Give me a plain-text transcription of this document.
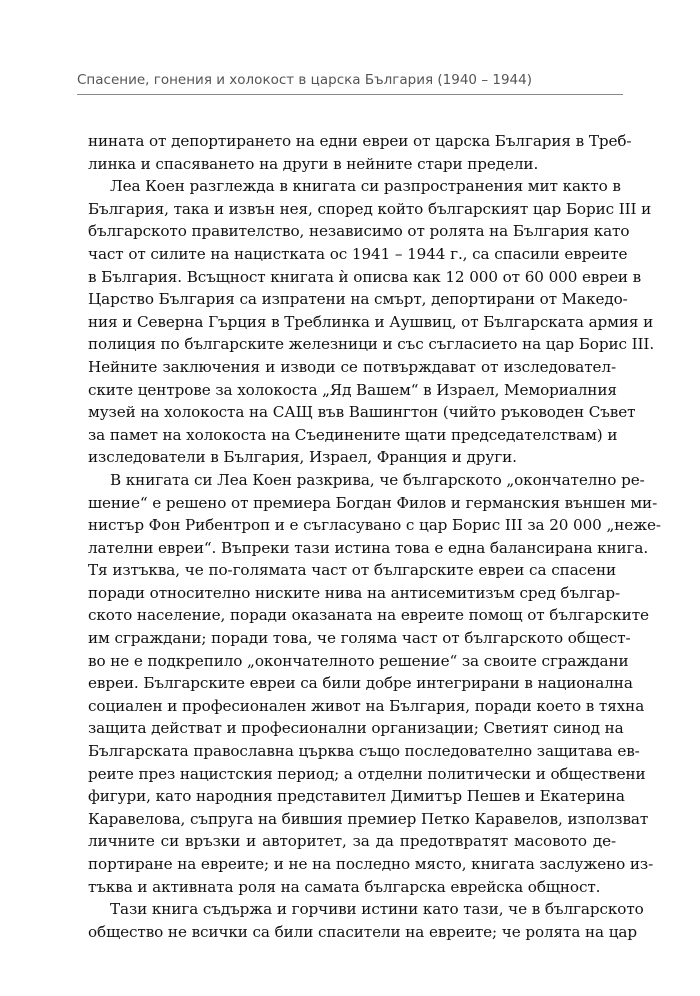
Спасение, гонения и холокост в царска България (1940 – 1944)
нината от депортирането на едни евреи от царска България в Треб-
линка и спасяването на други в нейните стари предели.
Леа Коен разглежда в книгата си разпространения мит както в
България, така и извън нея, според който българският цар Борис III и
българското правителство, независимо от ролята на България като
част от силите на нацистката ос 1941 – 1944 г., са спасили евреите
в България. Всъщност книгата ѝ описва как 12 000 от 60 000 евреи в
Царство България са изпратени на смърт, депортирани от Македо-
ния и Северна Гърция в Треблинка и Аушвиц, от Българската армия и
полиция по българските железници и със съгласието на цар Борис III.
Нейните заключения и изводи се потвърждават от изследовател-
ските центрове за холокоста „Яд Вашем“ в Израел, Мемориалния
музей на холокоста на САЩ във Вашингтон (чийто ръководен Съвет
за памет на холокоста на Съединените щати председателствам) и
изследователи в България, Израел, Франция и други.
В книгата си Леа Коен разкрива, че българското „окончателно ре-
шение“ е решено от премиера Богдан Филов и германския външен ми-
нистър Фон Рибентроп и е съгласувано с цар Борис III за 20 000 „неже-
лателни евреи“. Въпреки тази истина това е една балансирана книга.
Тя изтъква, че по-голямата част от българските евреи са спасени
поради относително ниските нива на антисемитизъм сред българ-
ското население, поради оказаната на евреите помощ от българските
им сграждани; поради това, че голяма част от българското общест-
во не е подкрепило „окончателното решение“ за своите сграждани
евреи. Българските евреи са били добре интегрирани в национална
социален и професионален живот на България, поради което в тяхна
защита действат и професионални организации; Светият синод на
Българската православна църква също последователно защитава ев-
реите през нацистския период; а отделни политически и обществени
фигури, като народния представител Димитър Пешев и Екатерина
Каравелова, съпруга на бившия премиер Петко Каравелов, използват
личните си връзки и авторитет, за да предотвратят масовото де-
портиране на евреите; и не на последно място, книгата заслужено из-
тъква и активната роля на самата българска еврейска общност.
Тази книга съдържа и горчиви истини като тази, че в българското
общество не всички са били спасители на евреите; че ролята на цар
